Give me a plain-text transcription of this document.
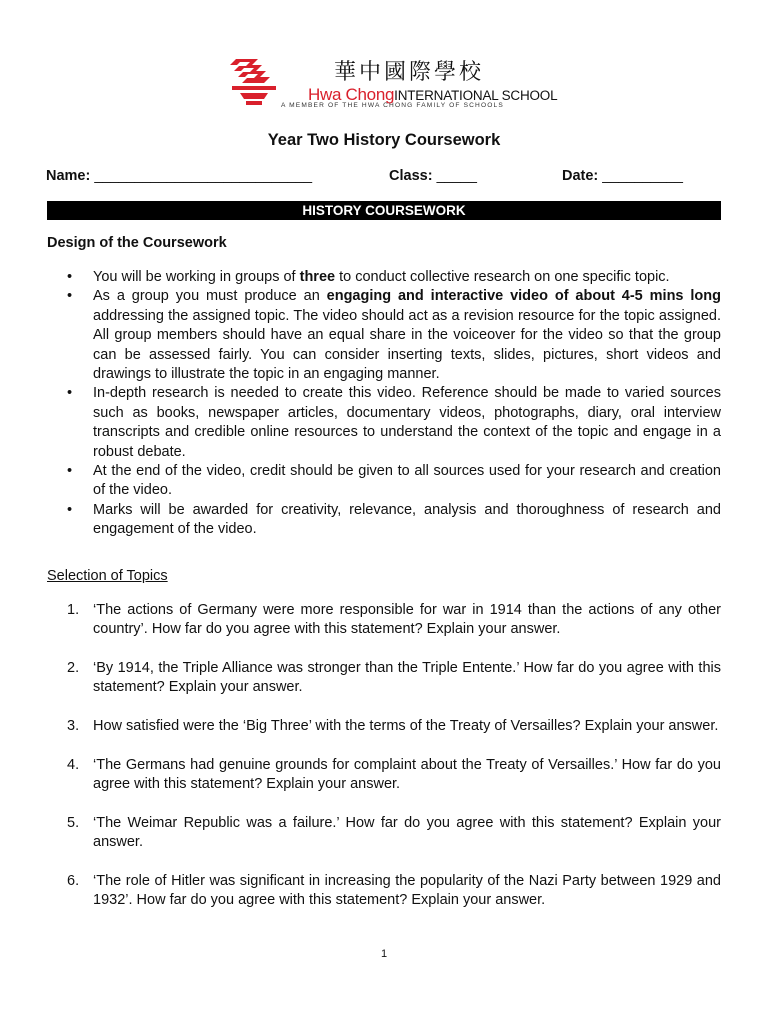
華中國際學校
Hwa ChongINTERNATIONAL SCHOOL
A MEMBER OF THE HWA CHONG FAMILY OF SCHOOLS
Year Two History Coursework
Name: ___________________________	Class: _____	Date: __________
HISTORY COURSEWORK
Design of the Coursework
• You will be working in groups of three to conduct collective research on one specific topic.
• As a group you must produce an engaging and interactive video of about 4-5 mins long addressing the assigned topic. The video should act as a revision resource for the topic assigned. All group members should have an equal share in the voiceover for the video so that the group can be assessed fairly. You can consider inserting texts, slides, pictures, short videos and drawings to illustrate the topic in an engaging manner.
• In-depth research is needed to create this video. Reference should be made to varied sources such as books, newspaper articles, documentary videos, photographs, diary, oral interview transcripts and credible online resources to understand the context of the topic and engage in a robust debate.
• At the end of the video, credit should be given to all sources used for your research and creation of the video.
• Marks will be awarded for creativity, relevance, analysis and thoroughness of research and engagement of the video.
Selection of Topics
1. ‘The actions of Germany were more responsible for war in 1914 than the actions of any other country’. How far do you agree with this statement? Explain your answer.
2. ‘By 1914, the Triple Alliance was stronger than the Triple Entente.’ How far do you agree with this statement? Explain your answer.
3. How satisfied were the ‘Big Three’ with the terms of the Treaty of Versailles? Explain your answer.
4. ‘The Germans had genuine grounds for complaint about the Treaty of Versailles.’ How far do you agree with this statement? Explain your answer.
5. ‘The Weimar Republic was a failure.’ How far do you agree with this statement? Explain your answer.
6. ‘The role of Hitler was significant in increasing the popularity of the Nazi Party between 1929 and 1932’. How far do you agree with this statement? Explain your answer.
1
